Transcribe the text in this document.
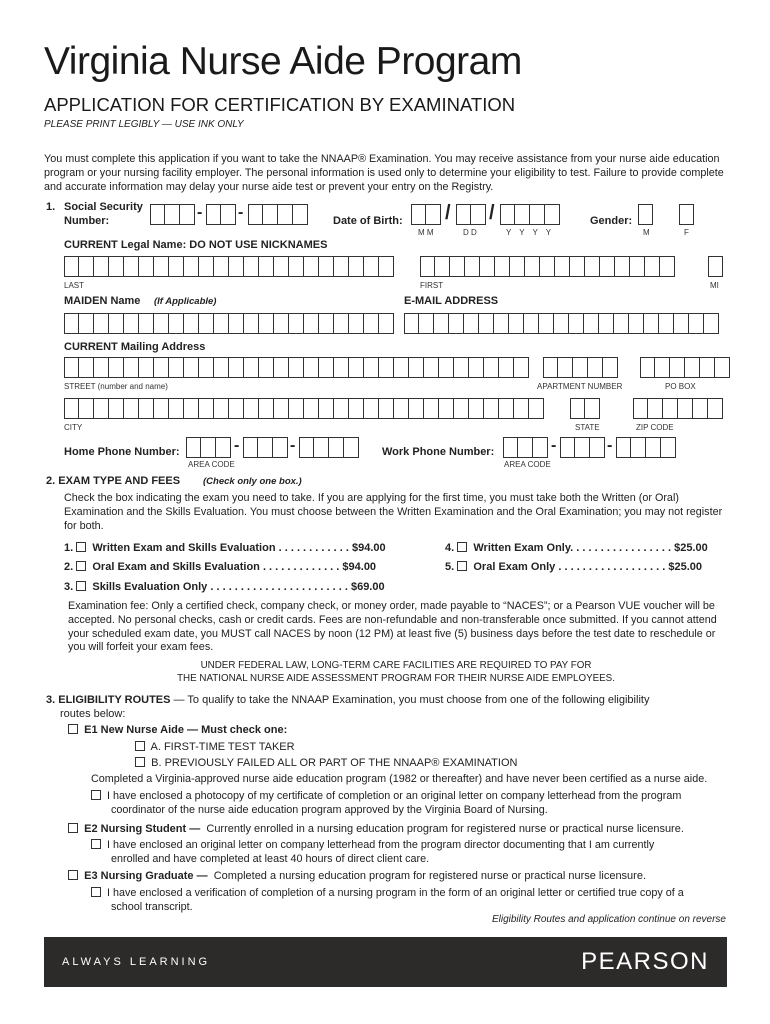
Virginia Nurse Aide Program
APPLICATION FOR CERTIFICATION BY EXAMINATION
PLEASE PRINT LEGIBLY — USE INK ONLY
You must complete this application if you want to take the NNAAP® Examination. You may receive assistance from your nurse aide education program or your nursing facility employer. The personal information is used only to determine your eligibility to test. Failure to provide complete and accurate information may delay your nurse aide test or prevent your entry on the Registry.
1. Social Security
Number:	- -	Date of Birth: / /
M M	D D	Y Y Y Y
Gender:
M	F
CURRENT Legal Name: DO NOT USE NICKNAMES
LAST	FIRST	MI
MAIDEN Name (If Applicable)	E-MAIL ADDRESS
CURRENT Mailing Address
STREET (number and name)	APARTMENT NUMBER	PO BOX
CITY	STATE	ZIP CODE
Home Phone Number:	-	-
AREA CODE
Work Phone Number:	-	-
AREA CODE
2. EXAM TYPE AND FEES (Check only one box.)
Check the box indicating the exam you need to take. If you are applying for the first time, you must take both the Written (or Oral) Examination and the Skills Evaluation. You must choose between the Written Examination and the Oral Examination; you may not register for both.
1. Written Exam and Skills Evaluation . . . . . . . . . . . . $94.00
2. Oral Exam and Skills Evaluation . . . . . . . . . . . . . $94.00
3. Skills Evaluation Only . . . . . . . . . . . . . . . . . . . . . . . $69.00
4. Written Exam Only. . . . . . . . . . . . . . . . . $25.00
5. Oral Exam Only . . . . . . . . . . . . . . . . . . $25.00
Examination fee: Only a certified check, company check, or money order, made payable to “NACES”; or a Pearson VUE voucher will be accepted. No personal checks, cash or credit cards. Fees are non-refundable and non-transferable once submitted. If you cannot attend your scheduled exam date, you MUST call NACES by noon (12 PM) at least five (5) business days before the test date to reschedule or you will forfeit your exam fees.
UNDER FEDERAL LAW, LONG-TERM CARE FACILITIES ARE REQUIRED TO PAY FOR
THE NATIONAL NURSE AIDE ASSESSMENT PROGRAM FOR THEIR NURSE AIDE EMPLOYEES.
3. ELIGIBILITY ROUTES — To qualify to take the NNAAP Examination, you must choose from one of the following eligibility
routes below:
E1 New Nurse Aide — Must check one:
A. FIRST-TIME TEST TAKER
B. PREVIOUSLY FAILED ALL OR PART OF THE NNAAP® EXAMINATION
Completed a Virginia-approved nurse aide education program (1982 or thereafter) and have never been certified as a nurse aide.
I have enclosed a photocopy of my certificate of completion or an original letter on company letterhead from the program
coordinator of the nurse aide education program approved by the Virginia Board of Nursing.
E2 Nursing Student — Currently enrolled in a nursing education program for registered nurse or practical nurse licensure.
I have enclosed an original letter on company letterhead from the program director documenting that I am currently
enrolled and have completed at least 40 hours of direct client care.
E3 Nursing Graduate — Completed a nursing education program for registered nurse or practical nurse licensure.
I have enclosed a verification of completion of a nursing program in the form of an original letter or certified true copy of a
school transcript.
Eligibility Routes and application continue on reverse
ALWAYS LEARNING	PEARSON
